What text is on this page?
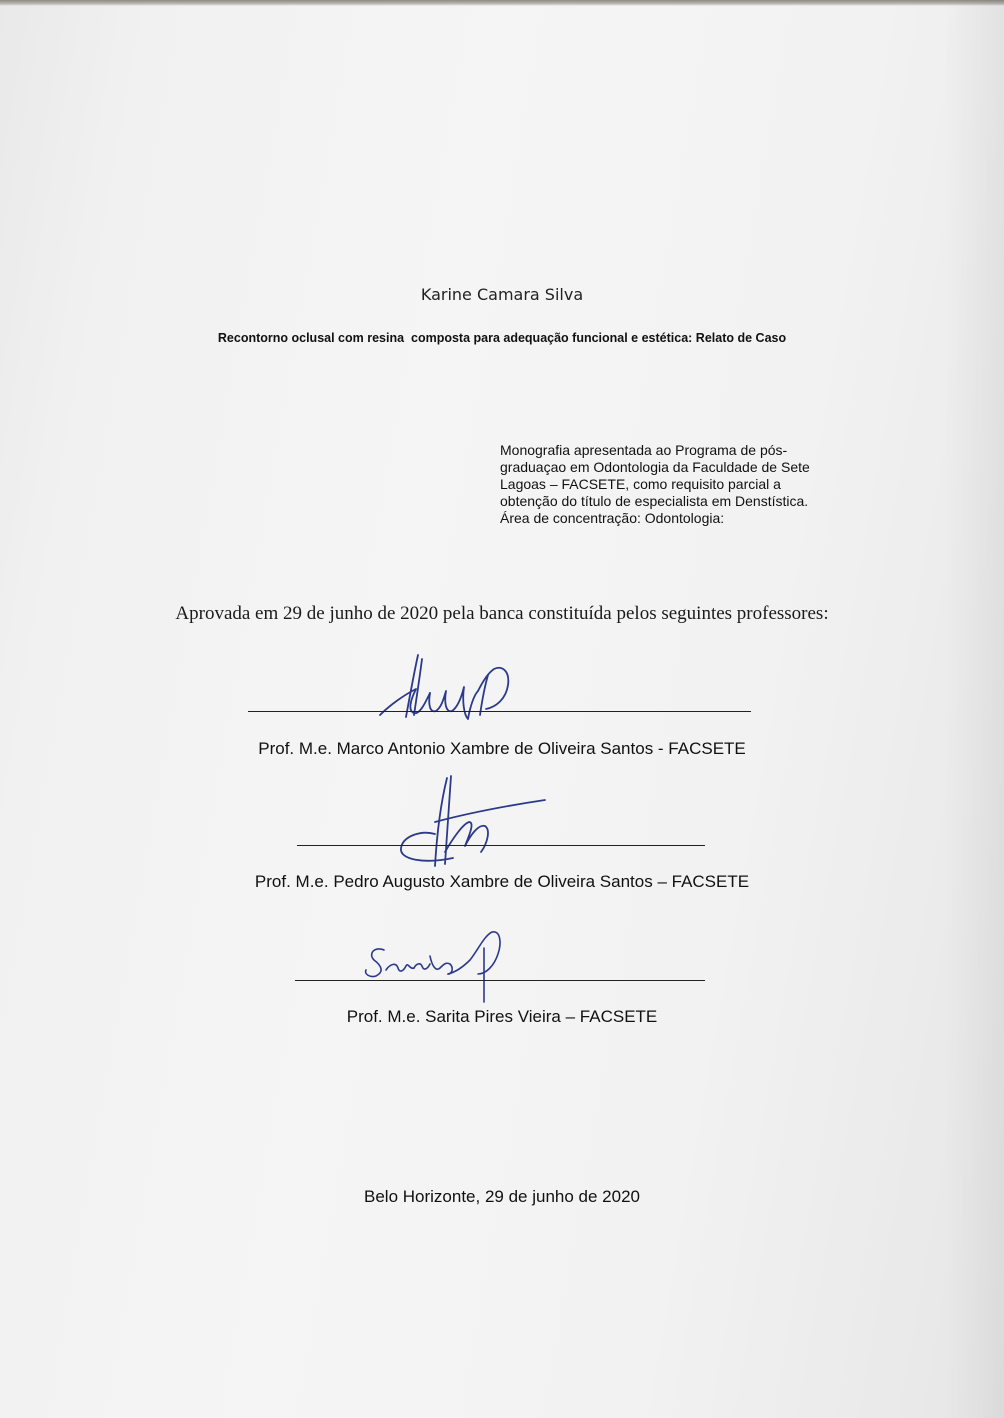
Karine Camara Silva
Recontorno oclusal com resina  composta para adequação funcional e estética: Relato de Caso
Monografia apresentada ao Programa de pós-
graduaçao em Odontologia da Faculdade de Sete
Lagoas – FACSETE, como requisito parcial a
obtenção do título de especialista em Denstística.
Área de concentração: Odontologia:
Aprovada em 29 de junho de 2020 pela banca constituída pelos seguintes professores:
Prof. M.e. Marco Antonio Xambre de Oliveira Santos - FACSETE
Prof. M.e. Pedro Augusto Xambre de Oliveira Santos – FACSETE
Prof. M.e. Sarita Pires Vieira – FACSETE
Belo Horizonte, 29 de junho de 2020
